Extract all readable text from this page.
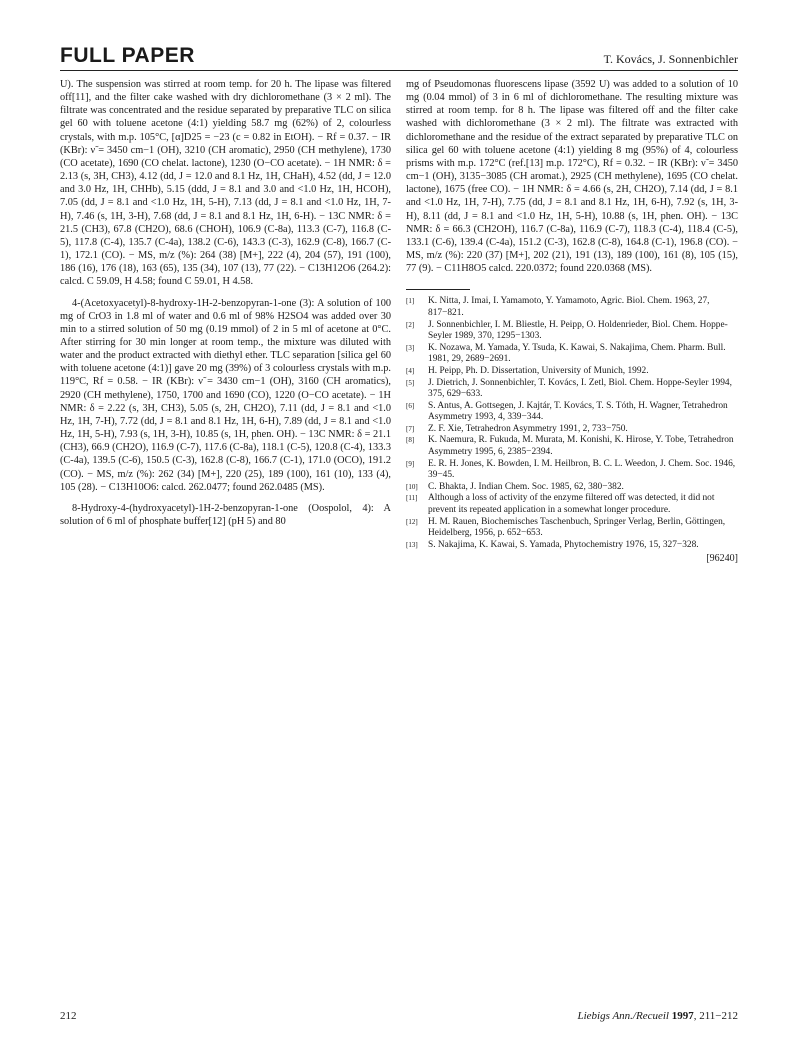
FULL PAPER	T. Kovács, J. Sonnenbichler

U). The suspension was stirred at room temp. for 20 h. The lipase was filtered off[11], and the filter cake washed with dry dichloromethane (3 × 2 ml). The filtrate was concentrated and the residue separated by preparative TLC on silica gel 60 with toluene acetone (4:1) yielding 58.7 mg (62%) of 2, colourless crystals, with m.p. 105°C, [α]D25 = −23 (c = 0.82 in EtOH). − Rf = 0.37. − IR (KBr): ν̃ = 3450 cm−1 (OH), 3210 (CH aromatic), 2950 (CH methylene), 1730 (CO acetate), 1690 (CO chelat. lactone), 1230 (O−CO acetate). − 1H NMR: δ = 2.13 (s, 3H, CH3), 4.12 (dd, J = 12.0 and 8.1 Hz, 1H, CHaH), 4.52 (dd, J = 12.0 and 3.0 Hz, 1H, CHHb), 5.15 (ddd, J = 8.1 and 3.0 and <1.0 Hz, 1H, HCOH), 7.05 (dd, J = 8.1 and <1.0 Hz, 1H, 5-H), 7.13 (dd, J = 8.1 and <1.0 Hz, 1H, 7-H), 7.46 (s, 1H, 3-H), 7.68 (dd, J = 8.1 and 8.1 Hz, 1H, 6-H). − 13C NMR: δ = 21.5 (CH3), 67.8 (CH2O), 68.6 (CHOH), 106.9 (C-8a), 113.3 (C-7), 116.8 (C-5), 117.8 (C-4), 135.7 (C-4a), 138.2 (C-6), 143.3 (C-3), 162.9 (C-8), 166.7 (C-1), 172.1 (CO). − MS, m/z (%): 264 (38) [M+], 222 (4), 204 (57), 191 (100), 186 (16), 176 (18), 163 (65), 135 (34), 107 (13), 77 (22). − C13H12O6 (264.2): calcd. C 59.09, H 4.58; found C 59.01, H 4.58.

4-(Acetoxyacetyl)-8-hydroxy-1H-2-benzopyran-1-one (3): A solution of 100 mg of CrO3 in 1.8 ml of water and 0.6 ml of 98% H2SO4 was added over 30 min to a stirred solution of 50 mg (0.19 mmol) of 2 in 5 ml of acetone at 0°C. After stirring for 30 min longer at room temp., the mixture was diluted with water and the product extracted with diethyl ether. TLC separation [silica gel 60 with toluene acetone (4:1)] gave 20 mg (39%) of 3 colourless crystals with m.p. 119°C, Rf = 0.58. − IR (KBr): ν̃ = 3430 cm−1 (OH), 3160 (CH aromatics), 2920 (CH methylene), 1750, 1700 and 1690 (CO), 1220 (O−CO acetate). − 1H NMR: δ = 2.22 (s, 3H, CH3), 5.05 (s, 2H, CH2O), 7.11 (dd, J = 8.1 and <1.0 Hz, 1H, 7-H), 7.72 (dd, J = 8.1 and 8.1 Hz, 1H, 6-H), 7.89 (dd, J = 8.1 and <1.0 Hz, 1H, 5-H), 7.93 (s, 1H, 3-H), 10.85 (s, 1H, phen. OH). − 13C NMR: δ = 21.1 (CH3), 66.9 (CH2O), 116.9 (C-7), 117.6 (C-8a), 118.1 (C-5), 120.8 (C-4), 133.3 (C-4a), 139.5 (C-6), 150.5 (C-3), 162.8 (C-8), 166.7 (C-1), 171.0 (OCO), 191.2 (CO). − MS, m/z (%): 262 (34) [M+], 220 (25), 189 (100), 161 (10), 133 (4), 105 (28). − C13H10O6: calcd. 262.0477; found 262.0485 (MS).

8-Hydroxy-4-(hydroxyacetyl)-1H-2-benzopyran-1-one (Oospolol, 4): A solution of 6 ml of phosphate buffer[12] (pH 5) and 80

mg of Pseudomonas fluorescens lipase (3592 U) was added to a solution of 10 mg (0.04 mmol) of 3 in 6 ml of dichloromethane. The resulting mixture was stirred at room temp. for 8 h. The lipase was filtered off and the filter cake washed with dichloromethane (3 × 2 ml). The filtrate was extracted with dichloromethane and the residue of the extract separated by preparative TLC on silica gel 60 with toluene acetone (4:1) yielding 8 mg (95%) of 4, colourless prisms with m.p. 172°C (ref.[13] m.p. 172°C), Rf = 0.32. − IR (KBr): ν̃ = 3450 cm−1 (OH), 3135−3085 (CH aromat.), 2925 (CH methylene), 1695 (CO chelat. lactone), 1675 (free CO). − 1H NMR: δ = 4.66 (s, 2H, CH2O), 7.14 (dd, J = 8.1 and <1.0 Hz, 1H, 7-H), 7.75 (dd, J = 8.1 and 8.1 Hz, 1H, 6-H), 7.92 (s, 1H, 3-H), 8.11 (dd, J = 8.1 and <1.0 Hz, 1H, 5-H), 10.88 (s, 1H, phen. OH). − 13C NMR: δ = 66.3 (CH2OH), 116.7 (C-8a), 116.9 (C-7), 118.3 (C-4), 118.4 (C-5), 133.1 (C-6), 139.4 (C-4a), 151.2 (C-3), 162.8 (C-8), 164.8 (C-1), 196.8 (CO). − MS, m/z (%): 220 (37) [M+], 202 (21), 191 (13), 189 (100), 161 (8), 105 (15), 77 (9). − C11H8O5 calcd. 220.0372; found 220.0368 (MS).

[1] K. Nitta, J. Imai, I. Yamamoto, Y. Yamamoto, Agric. Biol. Chem. 1963, 27, 817−821.
[2] J. Sonnenbichler, I. M. Bliestle, H. Peipp, O. Holdenrieder, Biol. Chem. Hoppe-Seyler 1989, 370, 1295−1303.
[3] K. Nozawa, M. Yamada, Y. Tsuda, K. Kawai, S. Nakajima, Chem. Pharm. Bull. 1981, 29, 2689−2691.
[4] H. Peipp, Ph. D. Dissertation, University of Munich, 1992.
[5] J. Dietrich, J. Sonnenbichler, T. Kovács, I. Zetl, Biol. Chem. Hoppe-Seyler 1994, 375, 629−633.
[6] S. Antus, A. Gottsegen, J. Kajtár, T. Kovács, T. S. Tóth, H. Wagner, Tetrahedron Asymmetry 1993, 4, 339−344.
[7] Z. F. Xie, Tetrahedron Asymmetry 1991, 2, 733−750.
[8] K. Naemura, R. Fukuda, M. Murata, M. Konishi, K. Hirose, Y. Tobe, Tetrahedron Asymmetry 1995, 6, 2385−2394.
[9] E. R. H. Jones, K. Bowden, I. M. Heilbron, B. C. L. Weedon, J. Chem. Soc. 1946, 39−45.
[10] C. Bhakta, J. Indian Chem. Soc. 1985, 62, 380−382.
[11] Although a loss of activity of the enzyme filtered off was detected, it did not prevent its repeated application in a somewhat longer procedure.
[12] H. M. Rauen, Biochemisches Taschenbuch, Springer Verlag, Berlin, Göttingen, Heidelberg, 1956, p. 652−653.
[13] S. Nakajima, K. Kawai, S. Yamada, Phytochemistry 1976, 15, 327−328.
[96240]
212	Liebigs Ann./Recueil 1997, 211−212
